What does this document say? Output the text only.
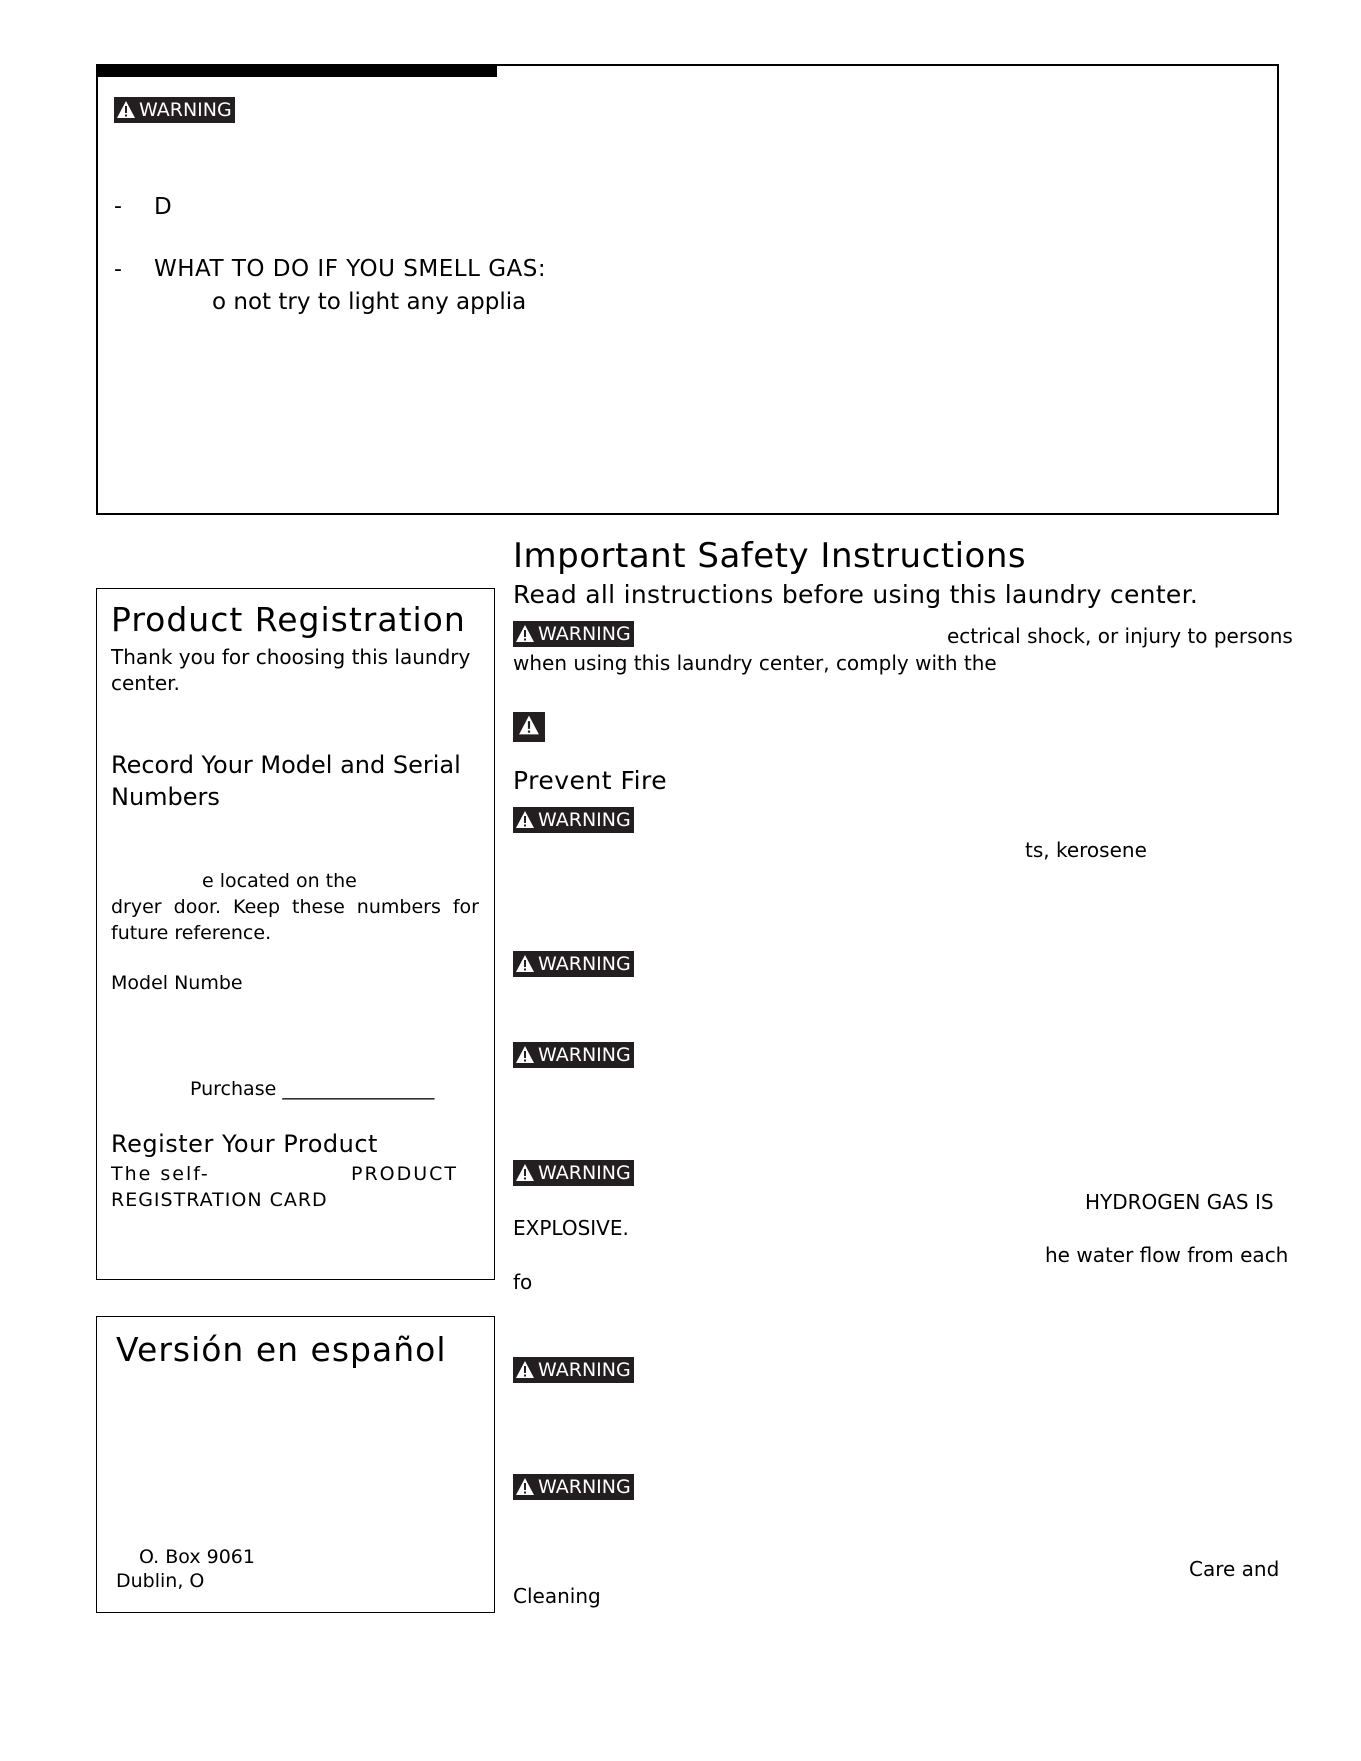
WARNING
- D
- WHAT TO DO IF YOU SMELL GAS:
o not try to light any applia
Product Registration
Thank you for choosing this laundry
center.
Record Your Model and Serial
Numbers
e located on the
dryer door. Keep these numbers for
future reference.
Model Numbe
Purchase ________________
Register Your Product
The self-	PRODUCT
REGISTRATION CARD
Versión en español
O. Box 9061
Dublin, O
Important Safety Instructions
Read all instructions before using this laundry center.
WARNING	ectrical shock, or injury to persons
when using this laundry center, comply with the
Prevent Fire
WARNING
ts, kerosene
WARNING
WARNING
WARNING
HYDROGEN GAS IS
EXPLOSIVE.
he water flow from each
fo
WARNING
WARNING
Care and
Cleaning
